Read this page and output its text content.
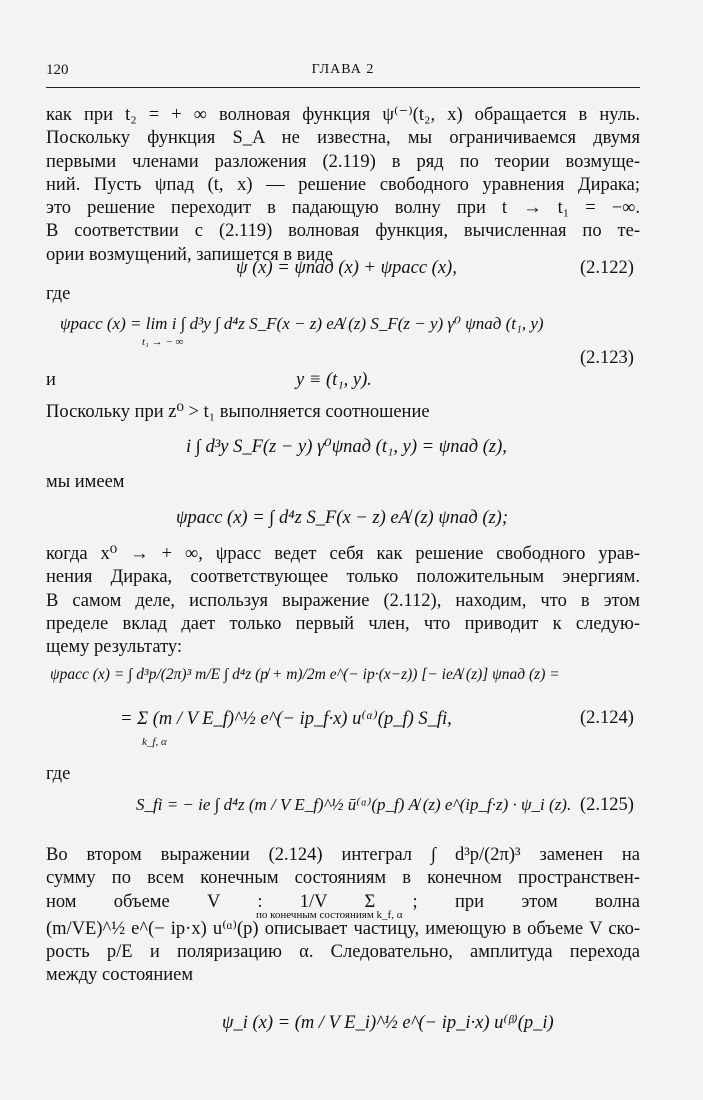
120	ГЛАВА 2
как при t₂ = + ∞ волновая функция ψ⁽⁻⁾(t₂, x) обращается в нуль.
Поскольку функция S_A не известна, мы ограничиваемся двумя
первыми членами разложения (2.119) в ряд по теории возмуще-
ний. Пусть ψпад (t, x) — решение свободного уравнения Дирака;
это решение переходит в падающую волну при t → t₁ = −∞.
В соответствии с (2.119) волновая функция, вычисленная по те-
ории возмущений, запишется в виде
ψ (x) = ψпад (x) + ψрасс (x),	(2.122)
где
ψрасс (x) = lim i ∫ d³y ∫ d⁴z S_F(x − z) eA̸ (z) S_F(z − y) γ⁰ ψпад (t₁, y)
t₁ → − ∞
(2.123)
и	y ≡ (t₁, y).
Поскольку при z⁰ > t₁ выполняется соотношение
i ∫ d³y S_F(z − y) γ⁰ψпад (t₁, y) = ψпад (z),
мы имеем
ψрасс (x) = ∫ d⁴z S_F(x − z) eA̸ (z) ψпад (z);
когда x⁰ → + ∞, ψрасс ведет себя как решение свободного урав-
нения Дирака, соответствующее только положительным энергиям.
В самом деле, используя выражение (2.112), находим, что в этом
пределе вклад дает только первый член, что приводит к следую-
щему результату:
ψрасс (x) = ∫ d³p/(2π)³ m/E ∫ d⁴z (p̸ + m)/2m e^(− ip·(x−z)) [− ieA̸ (z)] ψпад (z) =
= Σ (m / V E_f)^½ e^(− ip_f·x) u⁽ᵅ⁾(p_f) S_fi,
k_f, α
(2.124)
где
S_fi = − ie ∫ d⁴z (m / V E_f)^½ ū⁽ᵅ⁾(p_f) A̸ (z) e^(ip_f·z) · ψ_i (z). (2.125)
Во втором выражении (2.124) интеграл ∫ d³p/(2π)³ заменен на
сумму по всем конечным состояниям в конечном пространствен-
ном объеме V : 1/V Σ ; при этом волна
(m/VE)^½ e^(− ip·x) u⁽ᵅ⁾(p) описывает частицу, имеющую в объеме V ско-
рость p/E и поляризацию α. Следовательно, амплитуда перехода
между состоянием
по конечным состояниям k_f, α
ψ_i (x) = (m / V E_i)^½ e^(− ip_i·x) u⁽ᵝ⁾(p_i)
